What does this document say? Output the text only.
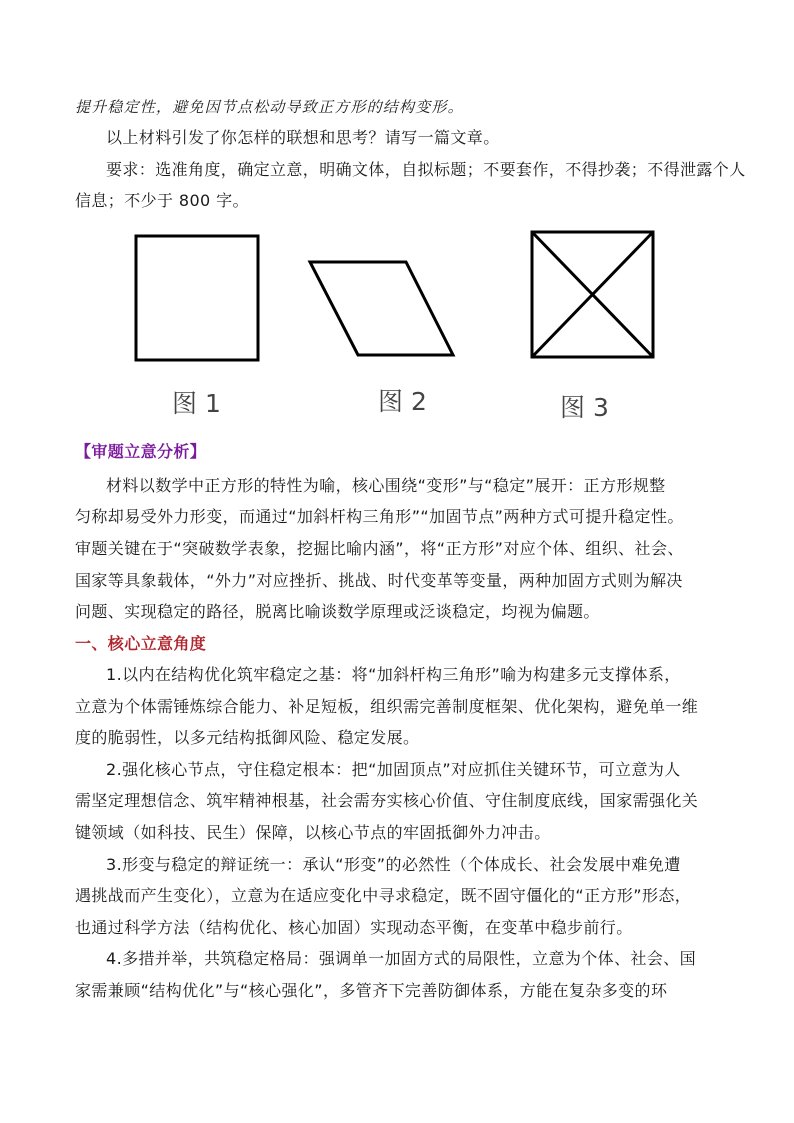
提升稳定性，避免因节点松动导致正方形的结构变形。
以上材料引发了你怎样的联想和思考？请写一篇文章。
要求：选准角度，确定立意，明确文体，自拟标题；不要套作，不得抄袭；不得泄露个人
信息；不少于 800 字。
图 1	图 2	图 3
【审题立意分析】
材料以数学中正方形的特性为喻，核心围绕“变形”与“稳定”展开：正方形规整
匀称却易受外力形变，而通过“加斜杆构三角形”“加固节点”两种方式可提升稳定性。
审题关键在于“突破数学表象，挖掘比喻内涵”，将“正方形”对应个体、组织、社会、
国家等具象载体，“外力”对应挫折、挑战、时代变革等变量，两种加固方式则为解决
问题、实现稳定的路径，脱离比喻谈数学原理或泛谈稳定，均视为偏题。
一、核心立意角度
1.以内在结构优化筑牢稳定之基：将“加斜杆构三角形”喻为构建多元支撑体系，
立意为个体需锤炼综合能力、补足短板，组织需完善制度框架、优化架构，避免单一维
度的脆弱性，以多元结构抵御风险、稳定发展。
2.强化核心节点，守住稳定根本：把“加固顶点”对应抓住关键环节，可立意为人
需坚定理想信念、筑牢精神根基，社会需夯实核心价值、守住制度底线，国家需强化关
键领域（如科技、民生）保障，以核心节点的牢固抵御外力冲击。
3.形变与稳定的辩证统一：承认“形变”的必然性（个体成长、社会发展中难免遭
遇挑战而产生变化），立意为在适应变化中寻求稳定，既不固守僵化的“正方形”形态，
也通过科学方法（结构优化、核心加固）实现动态平衡，在变革中稳步前行。
4.多措并举，共筑稳定格局：强调单一加固方式的局限性，立意为个体、社会、国
家需兼顾“结构优化”与“核心强化”，多管齐下完善防御体系，方能在复杂多变的环
